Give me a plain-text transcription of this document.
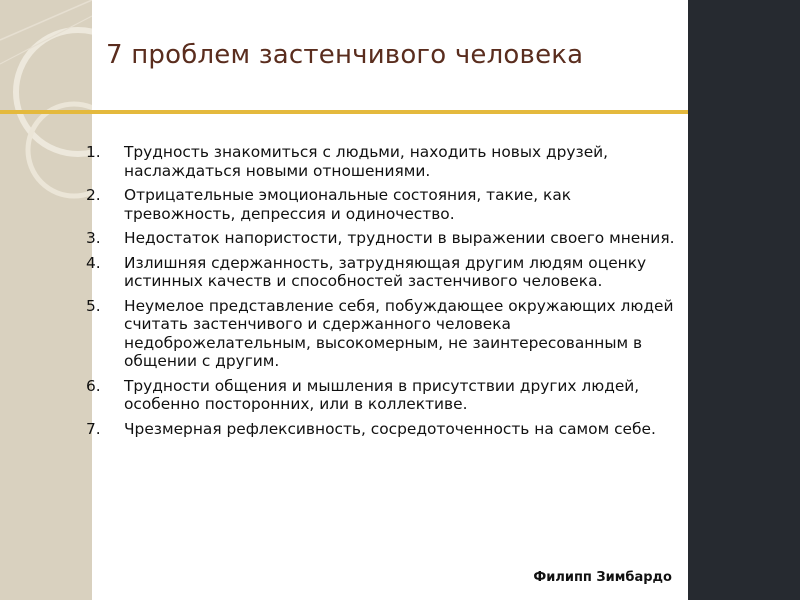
7 проблем застенчивого человека
1.	Трудность знакомиться с людьми, находить новых друзей, наслаждаться новыми отношениями.
2.	Отрицательные эмоциональные состояния, такие, как тревожность, депрессия и одиночество.
3.	Недостаток напористости, трудности в выражении своего мнения.
4.	Излишняя сдержанность, затрудняющая другим людям оценку истинных качеств и способностей застенчивого человека.
5.	Неумелое представление себя, побуждающее окружающих людей считать застенчивого и сдержанного человека недоброжелательным, высокомерным, не заинтересованным в общении с другим.
6.	Трудности общения и мышления в присутствии других людей, особенно посторонних, или в коллективе.
7.	Чрезмерная рефлексивность, сосредоточенность на самом себе.
Филипп Зимбардо
